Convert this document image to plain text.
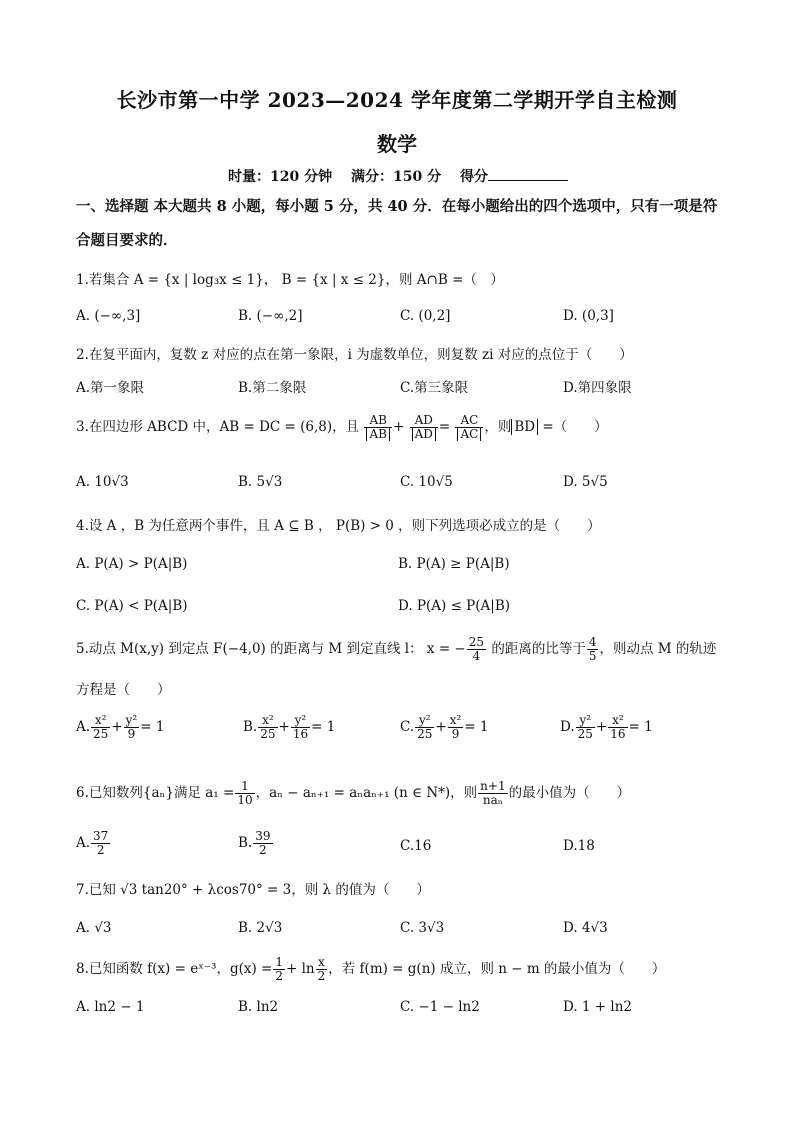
长沙市第一中学 2023—2024 学年度第二学期开学自主检测
数学
时量：120 分钟 满分：150 分 得分
一、选择题 本大题共 8 小题，每小题 5 分，共 40 分．在每小题给出的四个选项中，只有一项是符合题目要求的．
1.若集合 A = {x | log₃x ≤ 1}， B = {x | x ≤ 2}，则 A∩B =（　）
A. (−∞,3]	B. (−∞,2]	C. (0,2]	D. (0,3]
2.在复平面内，复数 z 对应的点在第一象限，i 为虚数单位，则复数 zi 对应的点位于（　　）
A.第一象限	B.第二象限	C.第三象限	D.第四象限
3.在四边形 ABCD 中，AB = DC = (6,8)，且 $\frac{AB}{AB} + \frac{AD}{AD} = \frac{AC}{AC}$ ，则 BD =（　　）
A. 10√3	B. 5√3	C. 10√5	D. 5√5
4.设 A ，B 为任意两个事件，且 A ⊆ B ， P(B) > 0 ，则下列选项必成立的是（　　）
A. P(A) > P(A|B)	B. P(A) ≥ P(A|B)
C. P(A) < P(A|B)	D. P(A) ≤ P(A|B)
5.动点 M(x,y) 到定点 F(−4,0) 的距离与 M 到定直线 l： x = − $\frac{25}{4}$ 的距离的比等于 $\frac{4}{5}$ ，则动点 M 的轨迹
方程是（　　）
A. $\frac{\text{x²}}{25} + \frac{\text{y²}}{9} = 1$	B. $\frac{\text{x²}}{25} + \frac{\text{y²}}{16} = 1$	C. $\frac{\text{y²}}{25} + \frac{\text{x²}}{9} = 1$	D. $\frac{\text{y²}}{25} + \frac{\text{x²}}{16} = 1$
6.已知数列{aₙ}满足 $a_1 = \frac{1}{10}$ ，aₙ − aₙ₊₁ = aₙaₙ₊₁ (n ∈ N*)，则 $\frac{n+1}{\text{naₙ}}$ 的最小值为（　　）
A. $\frac{37}{2}$	B. $\frac{39}{2}$	C.16	D.18
7.已知 √3 tan20° + λcos70° = 3，则 λ 的值为（　　）
A. √3	B. 2√3	C. 3√3	D. 4√3
8.已知函数 f(x) = eˣ⁻³，$g(x) = \frac{1}{2} + \ln \frac{x}{2}$ ，若 f(m) = g(n) 成立，则 n − m 的最小值为（　　）
A. ln2 − 1	B. ln2	C. −1 − ln2	D. 1 + ln2
